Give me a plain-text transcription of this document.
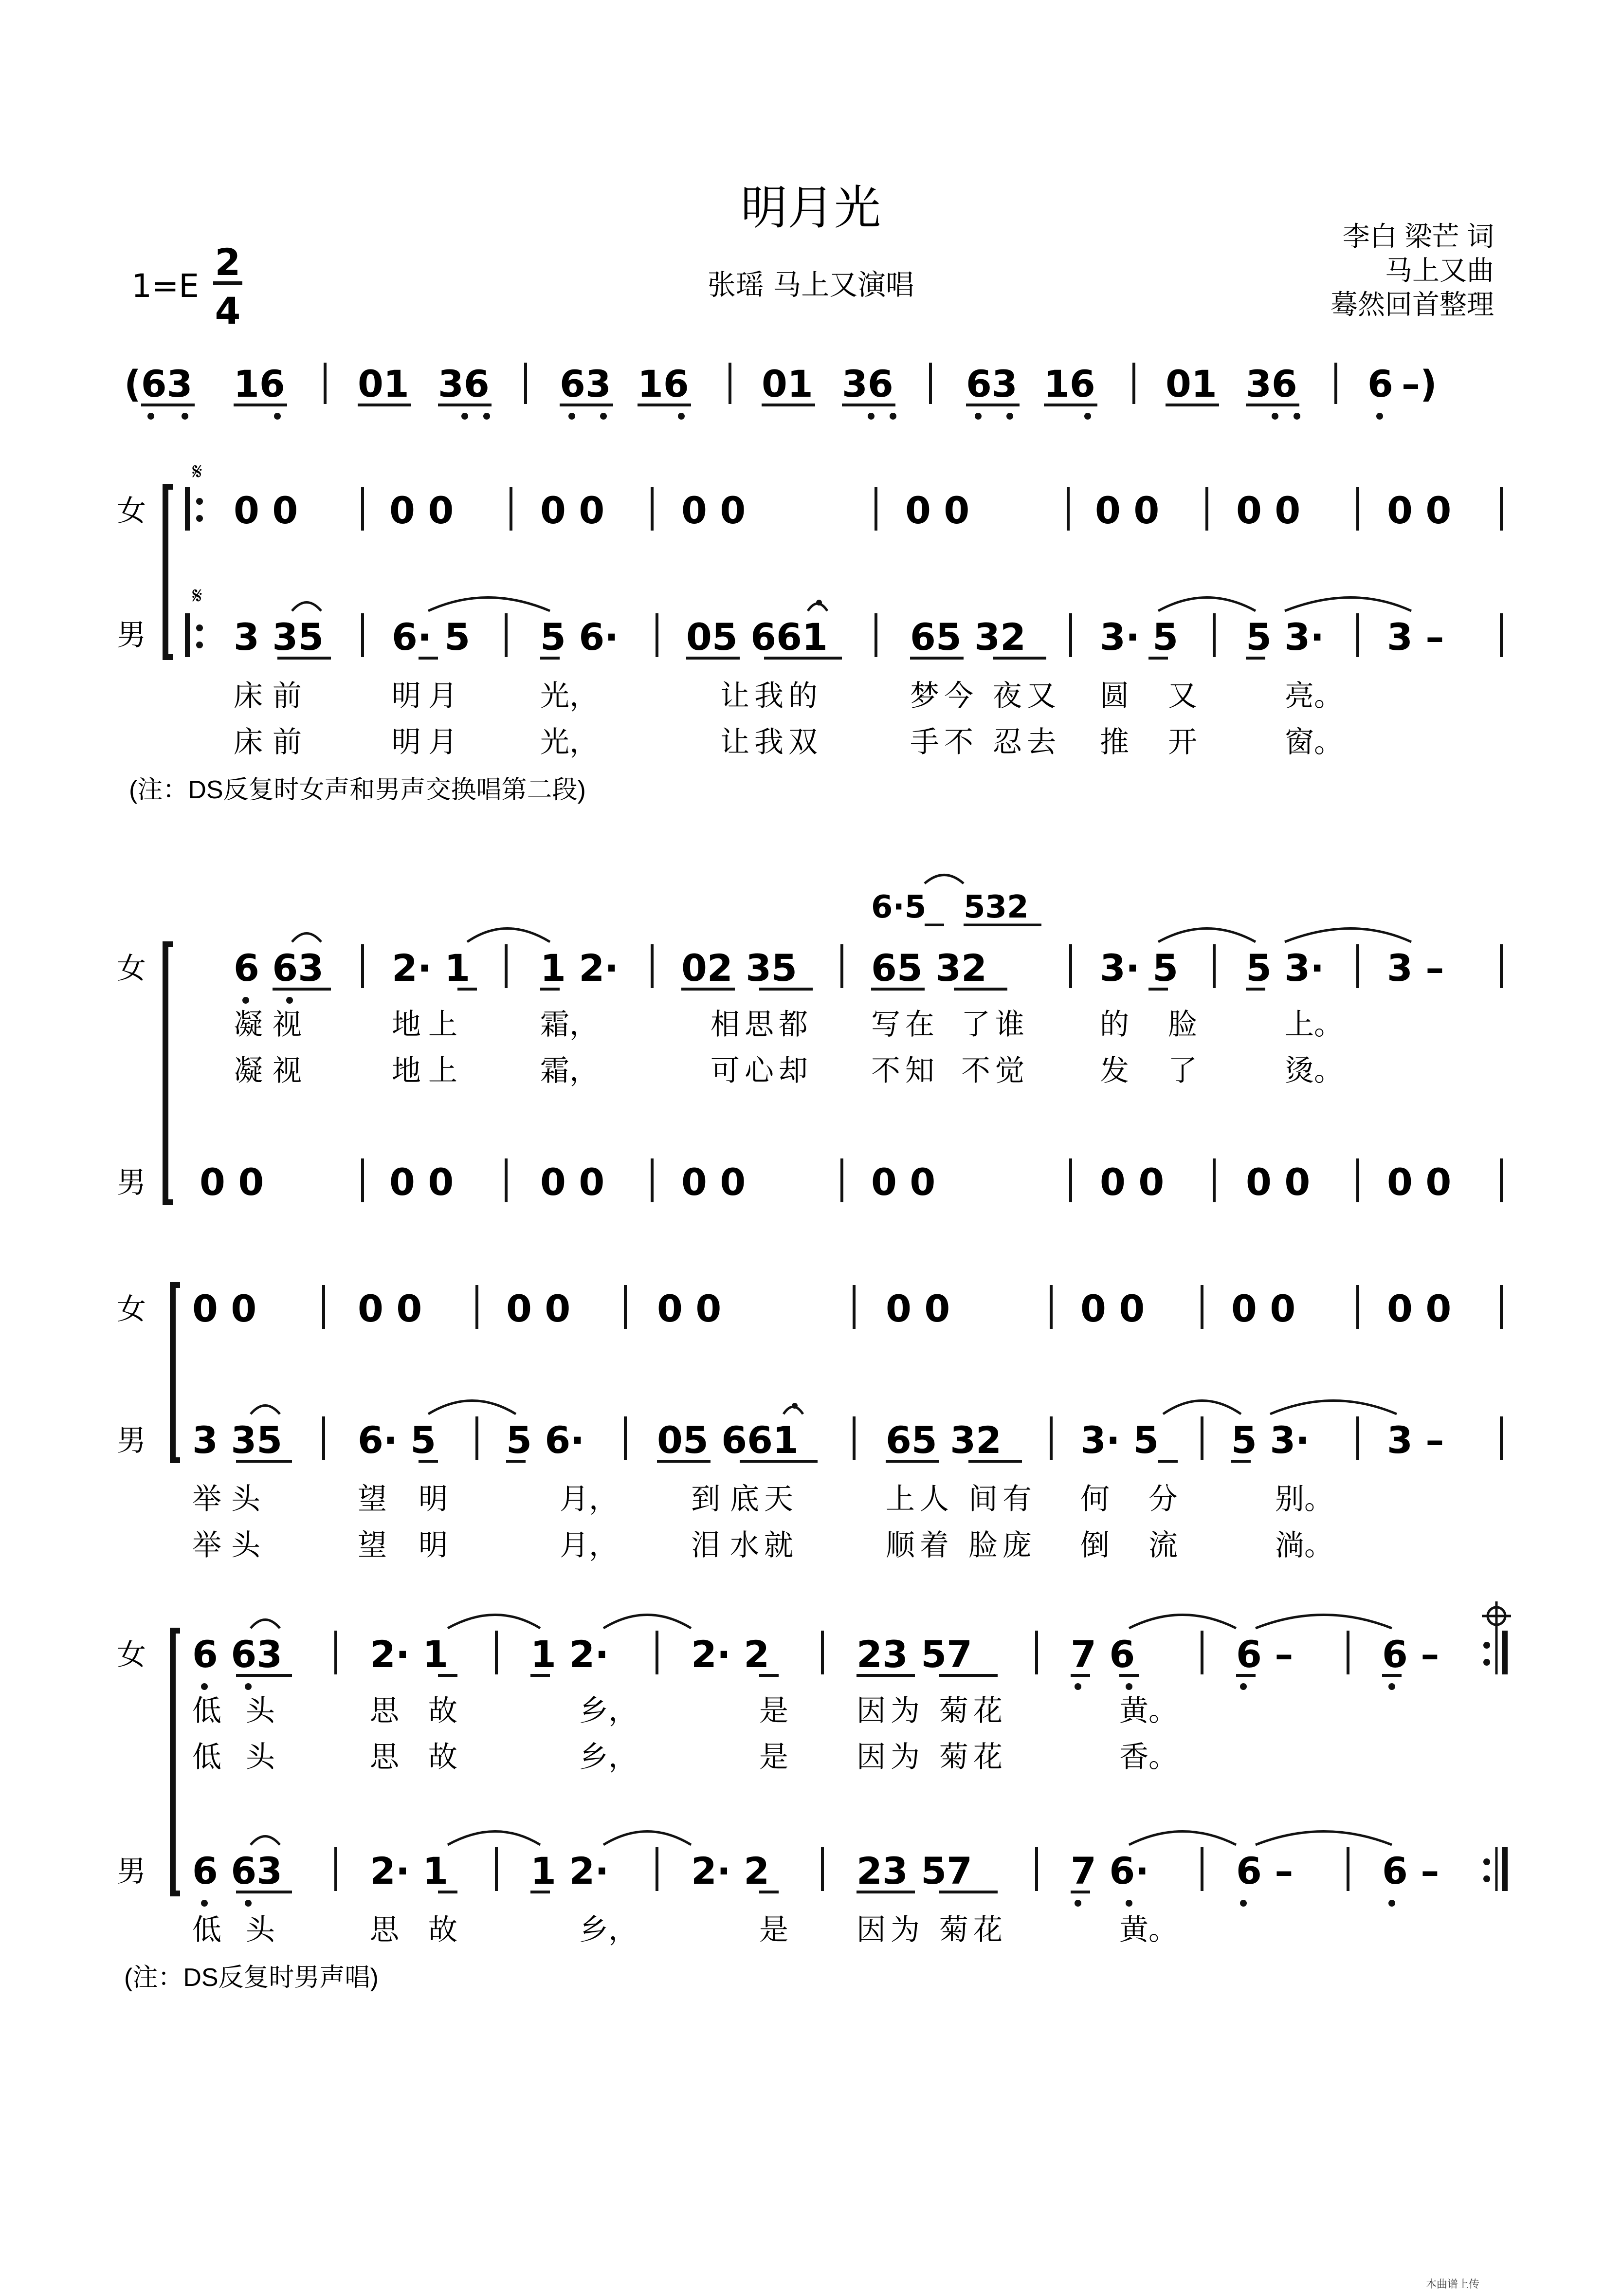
明月光
张瑶 马上又演唱
1=E
2
4
李白 梁芒 词
马上又曲
蓦然回首整理
(63 16 01 36 63 16 01 36 63 16 01 36 6 –)
女
男
𝄋
𝄋
0 0 0 0 0 0 0 0	0 0	0 0 0 0 0 0
3 35 6· 5 5 6· 05 661 65 32 3· 5 5 3· 3 –
床 前	明 月	光，	让 我 的	梦 今 夜 又 圆 又	亮。
床 前	明 月	光，	让 我 双	手 不 忍 去 推 开	窗。
(注：DS反复时女声和男声交换唱第二段)
6·5 532
女
男
6 63 2· 1 1 2· 02 35 65 32	3· 5 5 3· 3 –
凝 视	地 上	霜，	相 思 都 写 在 了 谁	的 脸	上。
凝 视	地 上	霜，	可 心 却 不 知 不 觉	发 了	烫。
0 0	0 0 0 0 0 0	0 0	0 0 0 0 0 0
女
男
0 0	0 0 0 0 0 0	0 0	0 0 0 0 0 0
3 35 6· 5 5 6· 05 661 65 32 3· 5 5 3· 3 –
举 头	望 明	月，	到 底 天	上 人 间 有 何 分	别。
举 头	望 明	月，	泪 水 就	顺 着 脸 庞 倒 流	淌。
女
男
6 63 2· 1 1 2· 2· 2 23 57	7 6	6 – 6 –
低 头	思 故	乡，	是 因 为 菊 花	黄。
低 头	思 故	乡，	是 因 为 菊 花	香。
6 63 2· 1 1 2· 2· 2 23 57	7 6· 6 – 6 –
低 头	思 故	乡，	是 因 为 菊 花	黄。
(注：DS反复时男声唱)
本曲谱上传
